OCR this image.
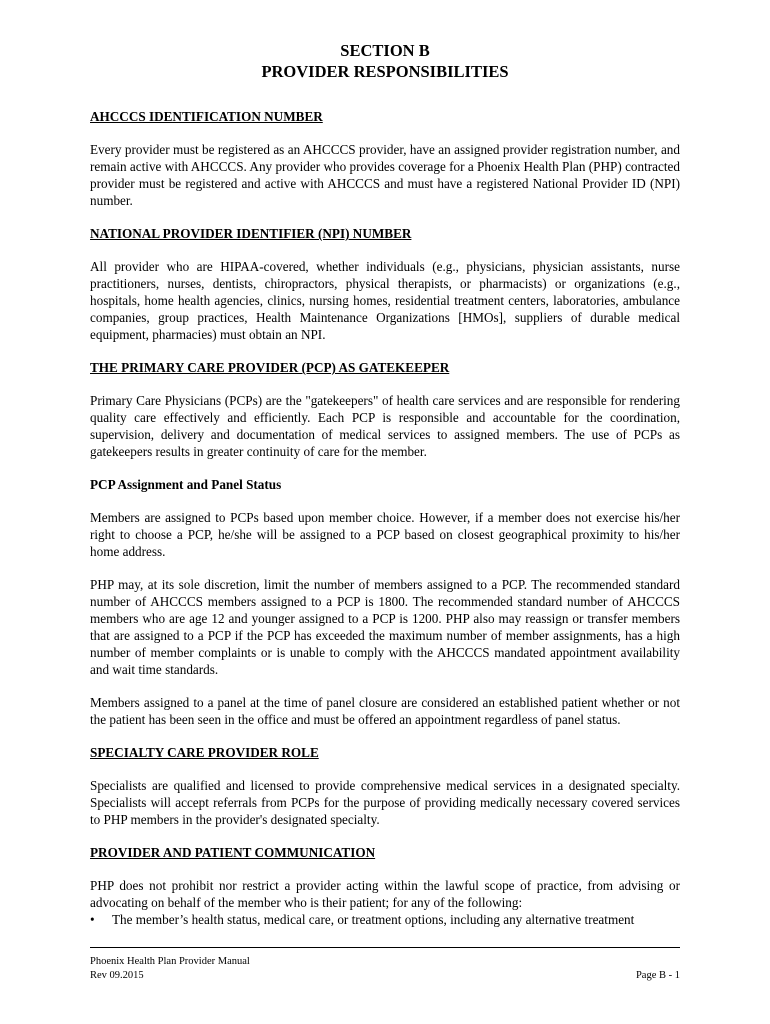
SECTION B
PROVIDER RESPONSIBILITIES
AHCCCS IDENTIFICATION NUMBER

Every provider must be registered as an AHCCCS provider, have an assigned provider registration number, and remain active with AHCCCS. Any provider who provides coverage for a Phoenix Health Plan (PHP) contracted provider must be registered and active with AHCCCS and must have a registered National Provider ID (NPI) number.

NATIONAL PROVIDER IDENTIFIER (NPI) NUMBER

All provider who are HIPAA-covered, whether individuals (e.g., physicians, physician assistants, nurse practitioners, nurses, dentists, chiropractors, physical therapists, or pharmacists) or organizations (e.g., hospitals, home health agencies, clinics, nursing homes, residential treatment centers, laboratories, ambulance companies, group practices, Health Maintenance Organizations [HMOs], suppliers of durable medical equipment, pharmacies) must obtain an NPI.

THE PRIMARY CARE PROVIDER (PCP) AS GATEKEEPER

Primary Care Physicians (PCPs) are the "gatekeepers" of health care services and are responsible for rendering quality care effectively and efficiently. Each PCP is responsible and accountable for the coordination, supervision, delivery and documentation of medical services to assigned members. The use of PCPs as gatekeepers results in greater continuity of care for the member.

PCP Assignment and Panel Status

Members are assigned to PCPs based upon member choice. However, if a member does not exercise his/her right to choose a PCP, he/she will be assigned to a PCP based on closest geographical proximity to his/her home address.

PHP may, at its sole discretion, limit the number of members assigned to a PCP. The recommended standard number of AHCCCS members assigned to a PCP is 1800. The recommended standard number of AHCCCS members who are age 12 and younger assigned to a PCP is 1200. PHP also may reassign or transfer members that are assigned to a PCP if the PCP has exceeded the maximum number of member assignments, has a high number of member complaints or is unable to comply with the AHCCCS mandated appointment availability and wait time standards.

Members assigned to a panel at the time of panel closure are considered an established patient whether or not the patient has been seen in the office and must be offered an appointment regardless of panel status.

SPECIALTY CARE PROVIDER ROLE

Specialists are qualified and licensed to provide comprehensive medical services in a designated specialty. Specialists will accept referrals from PCPs for the purpose of providing medically necessary covered services to PHP members in the provider's designated specialty.

PROVIDER AND PATIENT COMMUNICATION

PHP does not prohibit nor restrict a provider acting within the lawful scope of practice, from advising or advocating on behalf of the member who is their patient; for any of the following:

• The member’s health status, medical care, or treatment options, including any alternative treatment
Phoenix Health Plan Provider Manual
Rev 09.2015	Page B - 1
